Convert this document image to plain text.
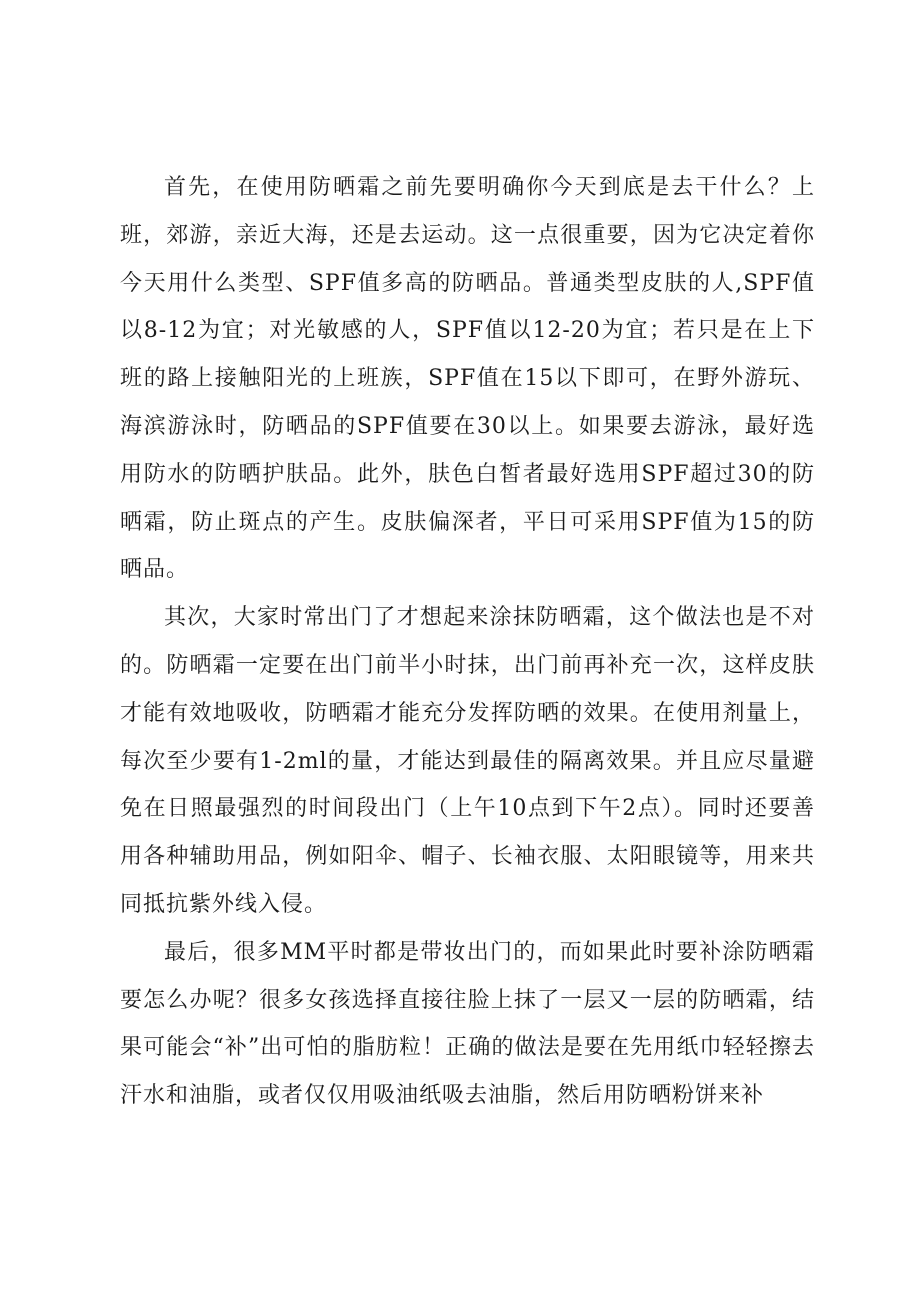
首先，在使用防晒霜之前先要明确你今天到底是去干什么？上班，郊游，亲近大海，还是去运动。这一点很重要，因为它决定着你今天用什么类型、SPF值多高的防晒品。普通类型皮肤的人,SPF值以8-12为宜；对光敏感的人，SPF值以12-20为宜；若只是在上下班的路上接触阳光的上班族，SPF值在15以下即可，在野外游玩、海滨游泳时，防晒品的SPF值要在30以上。如果要去游泳，最好选用防水的防晒护肤品。此外，肤色白皙者最好选用SPF超过30的防晒霜，防止斑点的产生。皮肤偏深者，平日可采用SPF值为15的防晒品。

其次，大家时常出门了才想起来涂抹防晒霜，这个做法也是不对的。防晒霜一定要在出门前半小时抹，出门前再补充一次，这样皮肤才能有效地吸收，防晒霜才能充分发挥防晒的效果。在使用剂量上，每次至少要有1-2ml的量，才能达到最佳的隔离效果。并且应尽量避免在日照最强烈的时间段出门（上午10点到下午2点）。同时还要善用各种辅助用品，例如阳伞、帽子、长袖衣服、太阳眼镜等，用来共同抵抗紫外线入侵。

最后，很多MM平时都是带妆出门的，而如果此时要补涂防晒霜要怎么办呢？很多女孩选择直接往脸上抹了一层又一层的防晒霜，结果可能会“补”出可怕的脂肪粒！正确的做法是要在先用纸巾轻轻擦去汗水和油脂，或者仅仅用吸油纸吸去油脂，然后用防晒粉饼来补
